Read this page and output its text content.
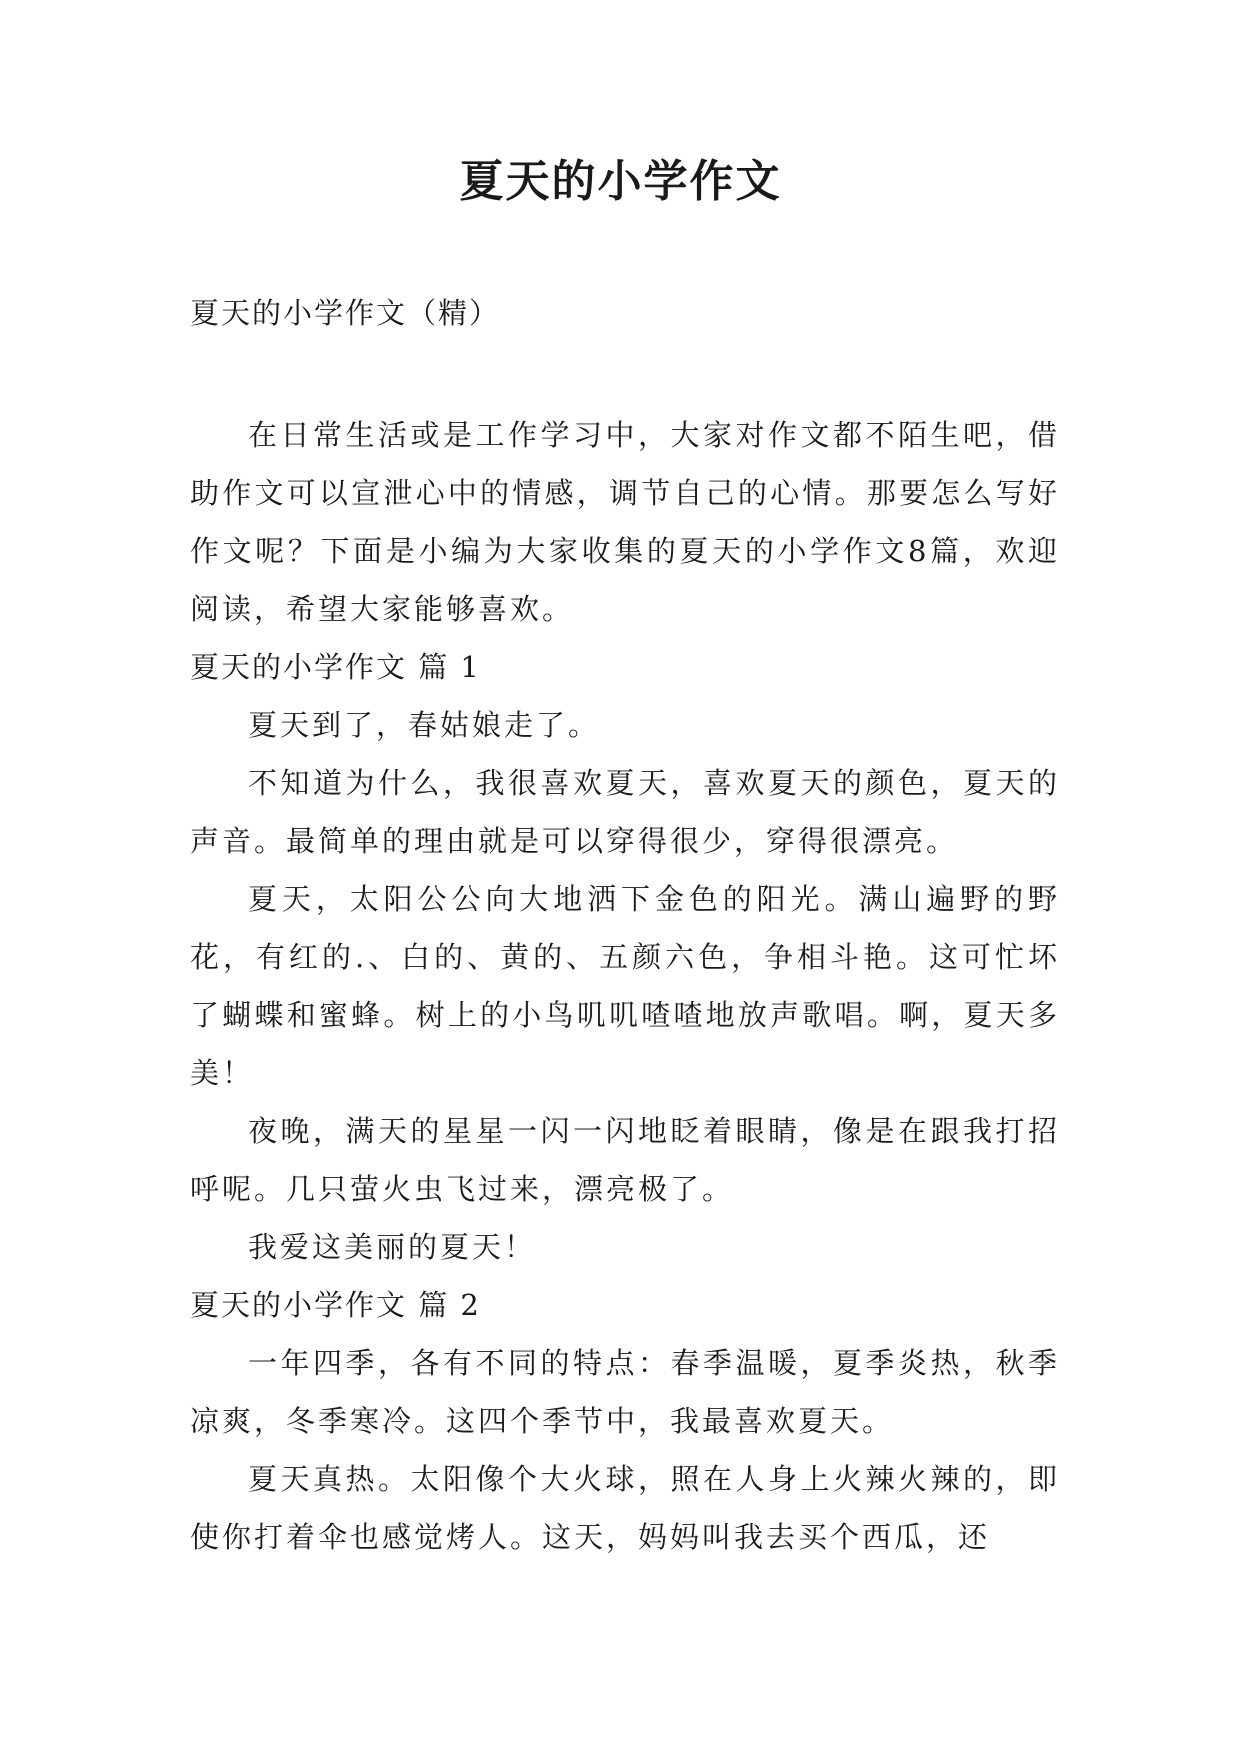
夏天的小学作文
夏天的小学作文（精）

在日常生活或是工作学习中，大家对作文都不陌生吧，借助作文可以宣泄心中的情感，调节自己的心情。那要怎么写好作文呢？下面是小编为大家收集的夏天的小学作文8篇，欢迎阅读，希望大家能够喜欢。

夏天的小学作文 篇 1

夏天到了，春姑娘走了。

不知道为什么，我很喜欢夏天，喜欢夏天的颜色，夏天的声音。最简单的理由就是可以穿得很少，穿得很漂亮。

夏天，太阳公公向大地洒下金色的阳光。满山遍野的野花，有红的.、白的、黄的、五颜六色，争相斗艳。这可忙坏了蝴蝶和蜜蜂。树上的小鸟叽叽喳喳地放声歌唱。啊，夏天多美！

夜晚，满天的星星一闪一闪地眨着眼睛，像是在跟我打招呼呢。几只萤火虫飞过来，漂亮极了。

我爱这美丽的夏天！

夏天的小学作文 篇 2

一年四季，各有不同的特点：春季温暖，夏季炎热，秋季凉爽，冬季寒冷。这四个季节中，我最喜欢夏天。

夏天真热。太阳像个大火球，照在人身上火辣火辣的，即使你打着伞也感觉烤人。这天，妈妈叫我去买个西瓜，还
